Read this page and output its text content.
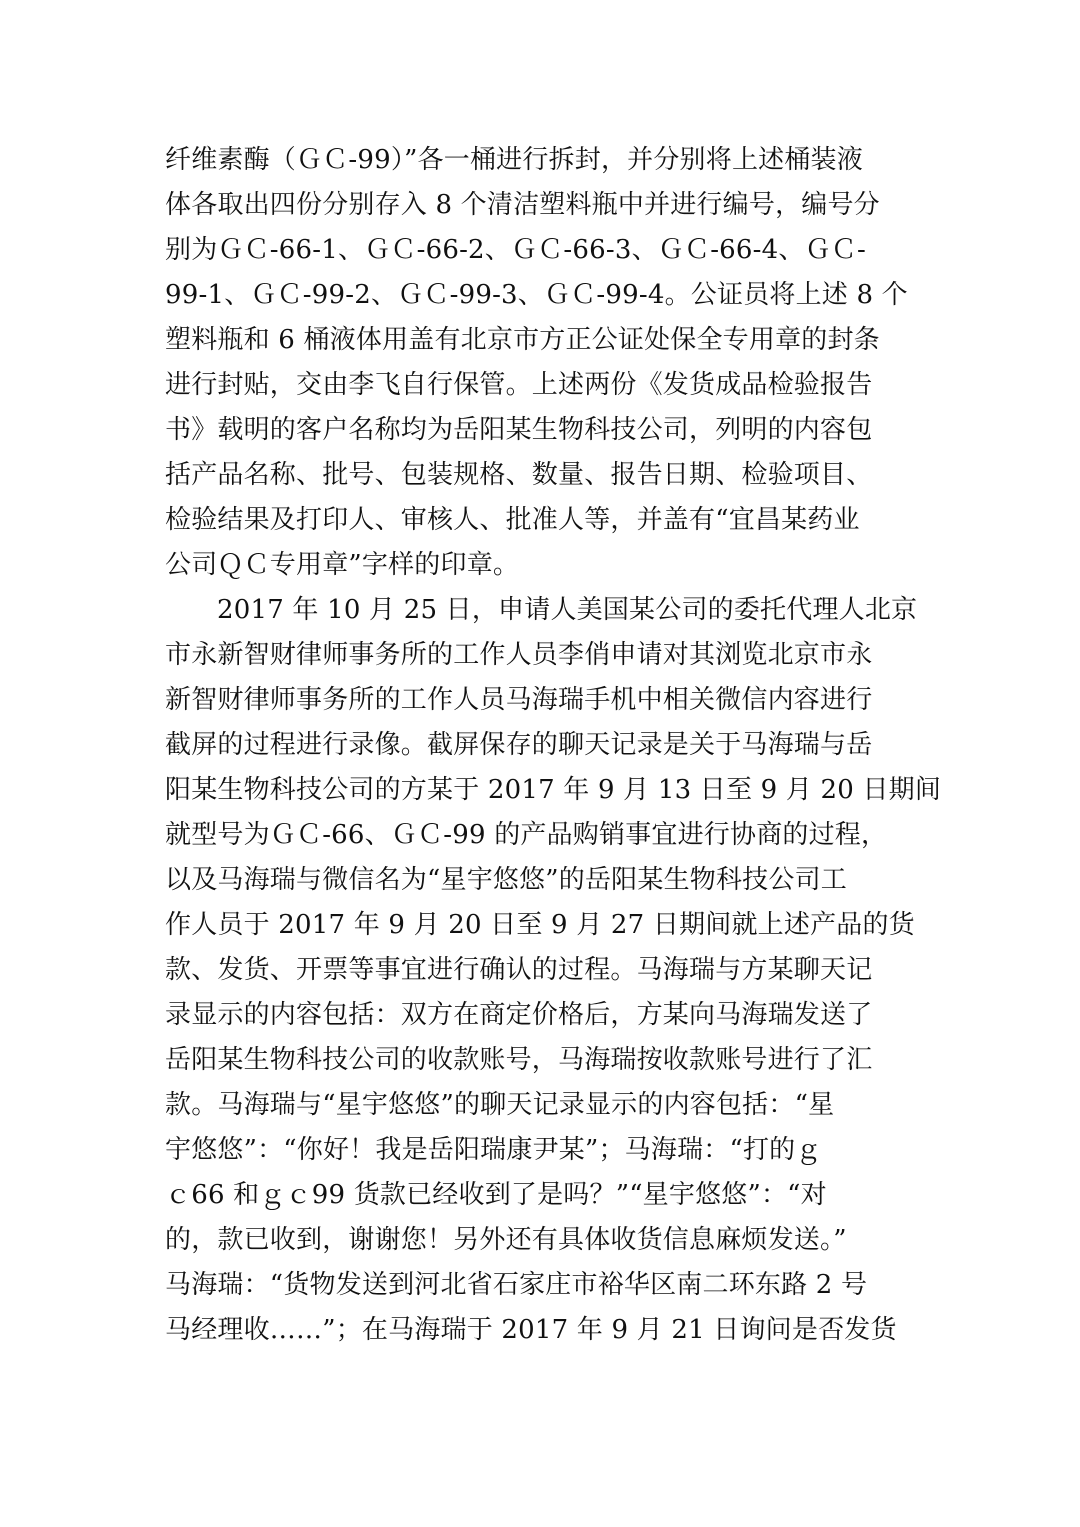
纤维素酶（ＧＣ-99）”各一桶进行拆封，并分别将上述桶装液
体各取出四份分别存入 8 个清洁塑料瓶中并进行编号，编号分
别为ＧＣ-66-1、ＧＣ-66-2、ＧＣ-66-3、ＧＣ-66-4、ＧＣ-
99-1、ＧＣ-99-2、ＧＣ-99-3、ＧＣ-99-4。公证员将上述 8 个
塑料瓶和 6 桶液体用盖有北京市方正公证处保全专用章的封条
进行封贴，交由李飞自行保管。上述两份《发货成品检验报告
书》载明的客户名称均为岳阳某生物科技公司，列明的内容包
括产品名称、批号、包装规格、数量、报告日期、检验项目、
检验结果及打印人、审核人、批准人等，并盖有“宜昌某药业
公司ＱＣ专用章”字样的印章。
2017 年 10 月 25 日，申请人美国某公司的委托代理人北京
市永新智财律师事务所的工作人员李俏申请对其浏览北京市永
新智财律师事务所的工作人员马海瑞手机中相关微信内容进行
截屏的过程进行录像。截屏保存的聊天记录是关于马海瑞与岳
阳某生物科技公司的方某于 2017 年 9 月 13 日至 9 月 20 日期间
就型号为ＧＣ-66、ＧＣ-99 的产品购销事宜进行协商的过程，
以及马海瑞与微信名为“星宇悠悠”的岳阳某生物科技公司工
作人员于 2017 年 9 月 20 日至 9 月 27 日期间就上述产品的货
款、发货、开票等事宜进行确认的过程。马海瑞与方某聊天记
录显示的内容包括：双方在商定价格后，方某向马海瑞发送了
岳阳某生物科技公司的收款账号，马海瑞按收款账号进行了汇
款。马海瑞与“星宇悠悠”的聊天记录显示的内容包括：“星
宇悠悠”：“你好！我是岳阳瑞康尹某”；马海瑞：“打的ｇ
ｃ66 和ｇｃ99 货款已经收到了是吗？”“星宇悠悠”：“对
的，款已收到，谢谢您！另外还有具体收货信息麻烦发送。”
马海瑞：“货物发送到河北省石家庄市裕华区南二环东路 2 号
马经理收……”；在马海瑞于 2017 年 9 月 21 日询问是否发货
